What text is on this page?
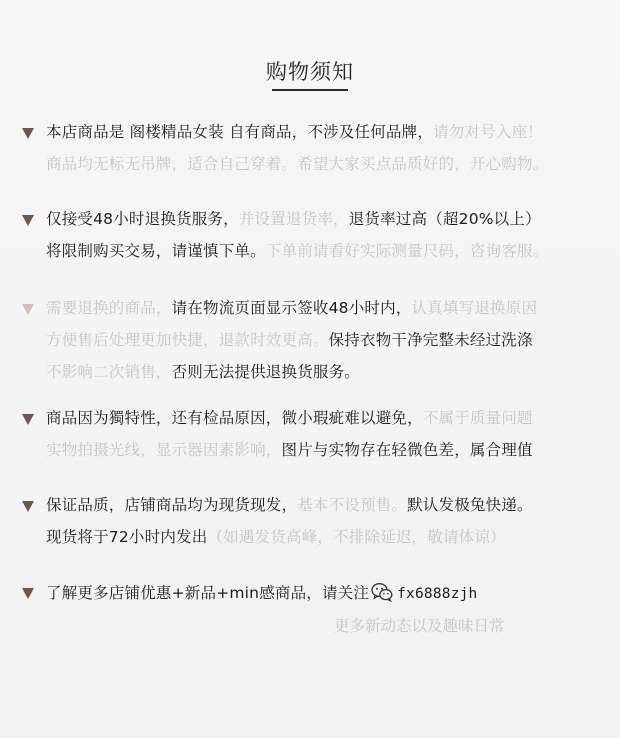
购物须知
本店商品是 阁楼精品女装 自有商品，不涉及任何品牌，请勿对号入座！
商品均无标无吊牌，适合自己穿着。希望大家买点品质好的，开心购物。
仅接受48小时退换货服务，并设置退货率，退货率过高（超20%以上）
将限制购买交易，请谨慎下单。下单前请看好实际测量尺码，咨询客服。
需要退换的商品，请在物流页面显示签收48小时内，认真填写退换原因
方便售后处理更加快捷，退款时效更高。保持衣物干净完整未经过洗涤
不影响二次销售，否则无法提供退换货服务。
商品因为獨特性，还有检品原因，微小瑕疵难以避免，不属于质量问题
实物拍摄光线，显示器因素影响，图片与实物存在轻微色差，属合理值
保证品质，店铺商品均为现货现发，基本不设预售。默认发极兔快递。
现货将于72小时内发出（如遇发货高峰，不排除延迟，敬请体谅）
了解更多店铺优惠+新品+min感商品，请关注 fx6888zjh
更多新动态以及趣味日常
